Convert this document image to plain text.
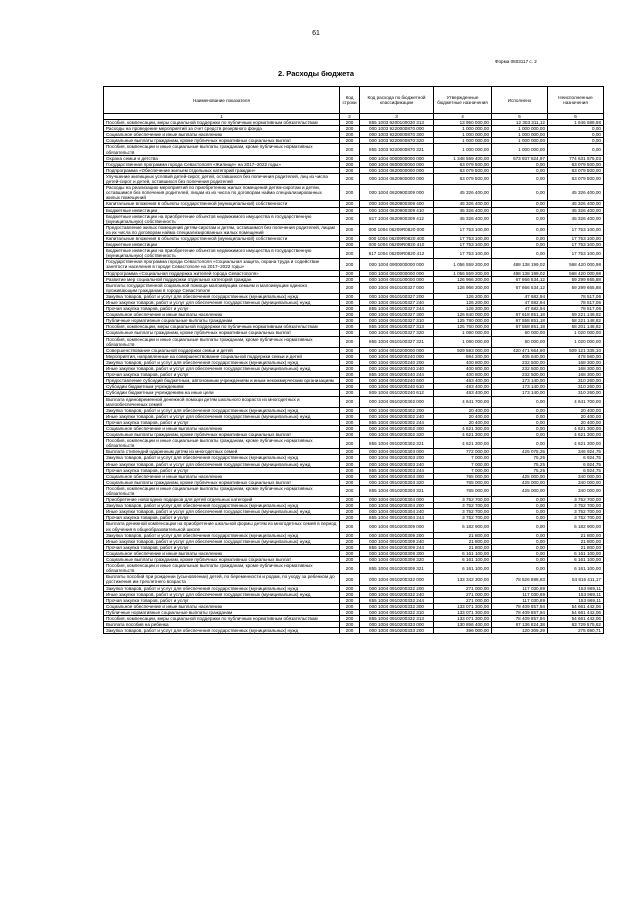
61
Форма 0503117 с. 2
2. Расходы бюджета
Наименование показателя	Код строки	Код расхода по бюджетной классификации	Утвержденные бюджетные назначения	Исполнено	Неисполненные назначения
1	2	3	4	5	6
Пособия, компенсации, меры социальной поддержки по публичным нормативным обязательствам	200	855 1003 9200100030 313	13 950 000,00	12 303 311,12	1 646 688,88
Расходы на проведение мероприятий за счет средств резервного фонда	200	000 1003 9220000870 000	1 000 000,00	1 000 000,00	0,00
Социальное обеспечение и иные выплаты населению	200	000 1003 9220000870 300	1 000 000,00	1 000 000,00	0,00
Социальные выплаты гражданам, кроме публичных нормативных социальных выплат	200	000 1003 9220000870 320	1 000 000,00	1 000 000,00	0,00
Пособия, компенсации и иные социальные выплаты гражданам, кроме публичных нормативных обязательств	200	855 1003 9220000870 321	1 000 000,00	1 000 000,00	0,00
Охрана семьи и детства	200	000 1004 0000000000 000	1 348 569 400,00	573 937 824,97	774 631 575,03
Государственная программа города Севастополя «Жилище» на 2017–2022 годы»	200	000 1004 0600000000 000	63 079 500,00	0,00	63 079 500,00
Подпрограмма «Обеспечение жильем отдельных категорий граждан»	200	000 1004 0620000000 000	63 079 500,00	0,00	63 079 500,00
Улучшение жилищных условий детей-сирот, детей, оставшихся без попечения родителей, лиц из числа детей-сирот и детей, оставшихся без попечения родителей	200	000 1004 0620900000 000	63 079 500,00	0,00	63 079 500,00
Расходы на реализацию мероприятий по приобретению жилых помещений детям-сиротам и детям, оставшимся без попечения родителей, лицам из их числа по договорам найма специализированных жилых помещений	200	000 1004 0620900309 000	45 326 400,00	0,00	45 326 400,00
Капитальные вложения в объекты государственной (муниципальной) собственности	200	000 1004 0620900309 400	45 326 400,00	0,00	45 326 400,00
Бюджетные инвестиции	200	000 1004 0620900309 410	45 326 400,00	0,00	45 326 400,00
Бюджетные инвестиции на приобретение объектов недвижимого имущества в государственную (муниципальную) собственность	200	817 1004 0620900309 412	45 326 400,00	0,00	45 326 400,00
Предоставление жилых помещений детям-сиротам и детям, оставшимся без попечения родителей, лицам из их числа по договорам найма специализированных жилых помещений	200	000 1004 06209R0820 000	17 753 100,00	0,00	17 753 100,00
Капитальные вложения в объекты государственной (муниципальной) собственности	200	000 1004 06209R0820 400	17 753 100,00	0,00	17 753 100,00
Бюджетные инвестиции	200	000 1004 06209R0820 410	17 753 100,00	0,00	17 753 100,00
Бюджетные инвестиции на приобретение объектов недвижимого имущества в государственную (муниципальную) собственность	200	817 1004 06209R0820 412	17 753 100,00	0,00	17 753 100,00
Государственная программа города Севастополя «Социальная защита, охрана труда и содействие занятости населения в городе Севастополе на 2017–2022 годы»	200	000 1004 0900000000 000	1 056 559 200,00	488 138 199,02	568 420 000,98
Подпрограмма «Социальная поддержка жителей города Севастополя»	200	000 1004 0910000000 000	1 056 559 200,00	488 138 199,02	568 420 000,98
Развитие мер социальной поддержки отдельных категорий граждан	200	000 1004 0910100000 000	126 966 200,00	67 666 534,12	59 299 665,88
Выплаты государственной социальной помощи малоимущим семьям и малоимущим одиноко проживающим гражданам в городе Севастополе	200	000 1004 0910100327 000	126 966 200,00	67 666 534,12	59 299 665,88
Закупка товаров, работ и услуг для обеспечения государственных (муниципальных) нужд	200	000 1004 0910100327 200	126 200,00	47 682,94	78 517,06
Иные закупки товаров, работ и услуг для обеспечения государственных (муниципальных) нужд	200	000 1004 0910100327 240	126 200,00	47 682,94	78 517,06
Прочая закупка товаров, работ и услуг	200	855 1004 0910100327 244	126 200,00	47 682,94	78 517,06
Социальное обеспечение и иные выплаты населению	200	000 1004 0910100327 300	126 840 000,00	67 618 851,18	59 221 148,82
Публичные нормативные социальные выплаты гражданам	200	000 1004 0910100327 310	125 780 000,00	67 558 851,18	58 221 148,82
Пособия, компенсации, меры социальной поддержки по публичным нормативным обязательствам	200	855 1004 0910100327 313	125 760 000,00	67 558 851,18	58 201 148,82
Социальные выплаты гражданам, кроме публичных нормативных социальных выплат	200	000 1004 0910100327 320	1 080 000,00	60 000,00	1 020 000,00
Пособия, компенсации и иные социальные выплаты гражданам, кроме публичных нормативных обязательств	200	855 1004 0910100327 321	1 080 000,00	60 000,00	1 020 000,00
Совершенствование социальной поддержки семьи и детей	200	000 1004 0910200000 000	929 593 000,00	420 471 664,90	509 121 335,10
Мероприятия, направленные на совершенствование социальной поддержки семьи и детей	200	000 1004 0910200240 000	884 200,00	405 640,00	478 560,00
Закупка товаров, работ и услуг для обеспечения государственных (муниципальных) нужд	200	000 1004 0910200240 200	400 800,00	232 500,00	168 300,00
Иные закупки товаров, работ и услуг для обеспечения государственных (муниципальных) нужд	200	000 1004 0910200240 240	400 800,00	232 500,00	168 300,00
Прочая закупка товаров, работ и услуг	200	855 1004 0910200240 244	400 800,00	232 500,00	168 300,00
Предоставление субсидий бюджетным, автономным учреждениям и иным некоммерческим организациям	200	000 1004 0910200240 600	483 400,00	173 140,00	310 260,00
Субсидии бюджетным учреждениям	200	000 1004 0910200240 610	483 400,00	173 140,00	310 260,00
Субсидии бюджетным учреждениям на иные цели	200	809 1004 0910200240 612	483 400,00	173 140,00	310 260,00
Выплата единовременной денежной помощи детям школьного возраста из многодетных и малообеспеченных семей	200	000 1004 0910200302 000	4 641 700,00	0,00	4 641 700,00
Закупка товаров, работ и услуг для обеспечения государственных (муниципальных) нужд	200	000 1004 0910200302 200	20 400,00	0,00	20 400,00
Иные закупки товаров, работ и услуг для обеспечения государственных (муниципальных) нужд	200	000 1004 0910200302 240	20 400,00	0,00	20 400,00
Прочая закупка товаров, работ и услуг	200	855 1004 0910200302 244	20 400,00	0,00	20 400,00
Социальное обеспечение и иные выплаты населению	200	000 1004 0910200302 300	4 621 300,00	0,00	4 621 300,00
Социальные выплаты гражданам, кроме публичных нормативных социальных выплат	200	000 1004 0910200302 320	4 621 300,00	0,00	4 621 300,00
Пособия, компенсации и иные социальные выплаты гражданам, кроме публичных нормативных обязательств	200	855 1004 0910200302 321	4 621 300,00	0,00	4 621 300,00
Выплата стипендий одаренным детям из многодетных семей	200	000 1004 0910200303 000	772 000,00	425 075,25	346 924,75
Закупка товаров, работ и услуг для обеспечения государственных (муниципальных) нужд	200	000 1004 0910200303 200	7 000,00	75,25	6 924,75
Иные закупки товаров, работ и услуг для обеспечения государственных (муниципальных) нужд	200	000 1004 0910200303 240	7 000,00	75,25	6 924,75
Прочая закупка товаров, работ и услуг	200	855 1004 0910200303 244	7 000,00	75,25	6 924,75
Социальное обеспечение и иные выплаты населению	200	000 1004 0910200303 300	765 000,00	425 000,00	340 000,00
Социальные выплаты гражданам, кроме публичных нормативных социальных выплат	200	000 1004 0910200303 320	765 000,00	425 000,00	340 000,00
Пособия, компенсации и иные социальные выплаты гражданам, кроме публичных нормативных обязательств	200	855 1004 0910200303 321	765 000,00	425 000,00	340 000,00
Приобретение новогодних подарков для детей отдельных категорий	200	000 1004 0910200304 000	3 752 700,00	0,00	3 752 700,00
Закупка товаров, работ и услуг для обеспечения государственных (муниципальных) нужд	200	000 1004 0910200304 200	3 752 700,00	0,00	3 752 700,00
Иные закупки товаров, работ и услуг для обеспечения государственных (муниципальных) нужд	200	000 1004 0910200304 240	3 752 700,00	0,00	3 752 700,00
Прочая закупка товаров, работ и услуг	200	855 1004 0910200304 244	3 752 700,00	0,00	3 752 700,00
Выплата денежной компенсации на приобретение школьной формы детям из многодетных семей в период их обучения в общеобразовательной школе	200	000 1004 0910200309 000	6 182 900,00	0,00	6 182 900,00
Закупка товаров, работ и услуг для обеспечения государственных (муниципальных) нужд	200	000 1004 0910200309 200	21 800,00	0,00	21 800,00
Иные закупки товаров, работ и услуг для обеспечения государственных (муниципальных) нужд	200	000 1004 0910200309 240	21 800,00	0,00	21 800,00
Прочая закупка товаров, работ и услуг	200	855 1004 0910200309 244	21 800,00	0,00	21 800,00
Социальное обеспечение и иные выплаты населению	200	000 1004 0910200309 300	6 161 100,00	0,00	6 161 100,00
Социальные выплаты гражданам, кроме публичных нормативных социальных выплат	200	000 1004 0910200309 320	6 161 100,00	0,00	6 161 100,00
Пособия, компенсации и иные социальные выплаты гражданам, кроме публичных нормативных обязательств	200	855 1004 0910200309 321	6 161 100,00	0,00	6 161 100,00
Выплаты пособий при рождении (усыновлении) детей, по беременности и родам, по уходу за ребенком до достижения им трехлетнего возраста	200	000 1004 0910200332 000	133 342 300,00	78 526 888,83	54 815 411,17
Закупка товаров, работ и услуг для обеспечения государственных (муниципальных) нужд	200	000 1004 0910200332 200	271 000,00	117 030,89	153 969,11
Иные закупки товаров, работ и услуг для обеспечения государственных (муниципальных) нужд	200	000 1004 0910200332 240	271 000,00	117 030,89	153 969,11
Прочая закупка товаров, работ и услуг	200	855 1004 0910200332 244	271 000,00	117 030,89	153 969,11
Социальное обеспечение и иные выплаты населению	200	000 1004 0910200332 300	133 071 300,00	78 409 857,94	54 661 442,06
Публичные нормативные социальные выплаты гражданам	200	000 1004 0910200332 310	133 071 300,00	78 409 857,94	54 661 442,06
Пособия, компенсации, меры социальной поддержки по публичным нормативным обязательствам	200	855 1004 0910200332 313	133 071 300,00	78 409 857,94	54 661 442,06
Выплата пособия на ребенка	200	000 1004 0910200333 000	130 856 400,00	67 136 824,38	63 729 575,62
Закупка товаров, работ и услуг для обеспечения государственных (муниципальных) нужд	200	000 1004 0910200333 200	396 000,00	120 309,29	275 690,71
